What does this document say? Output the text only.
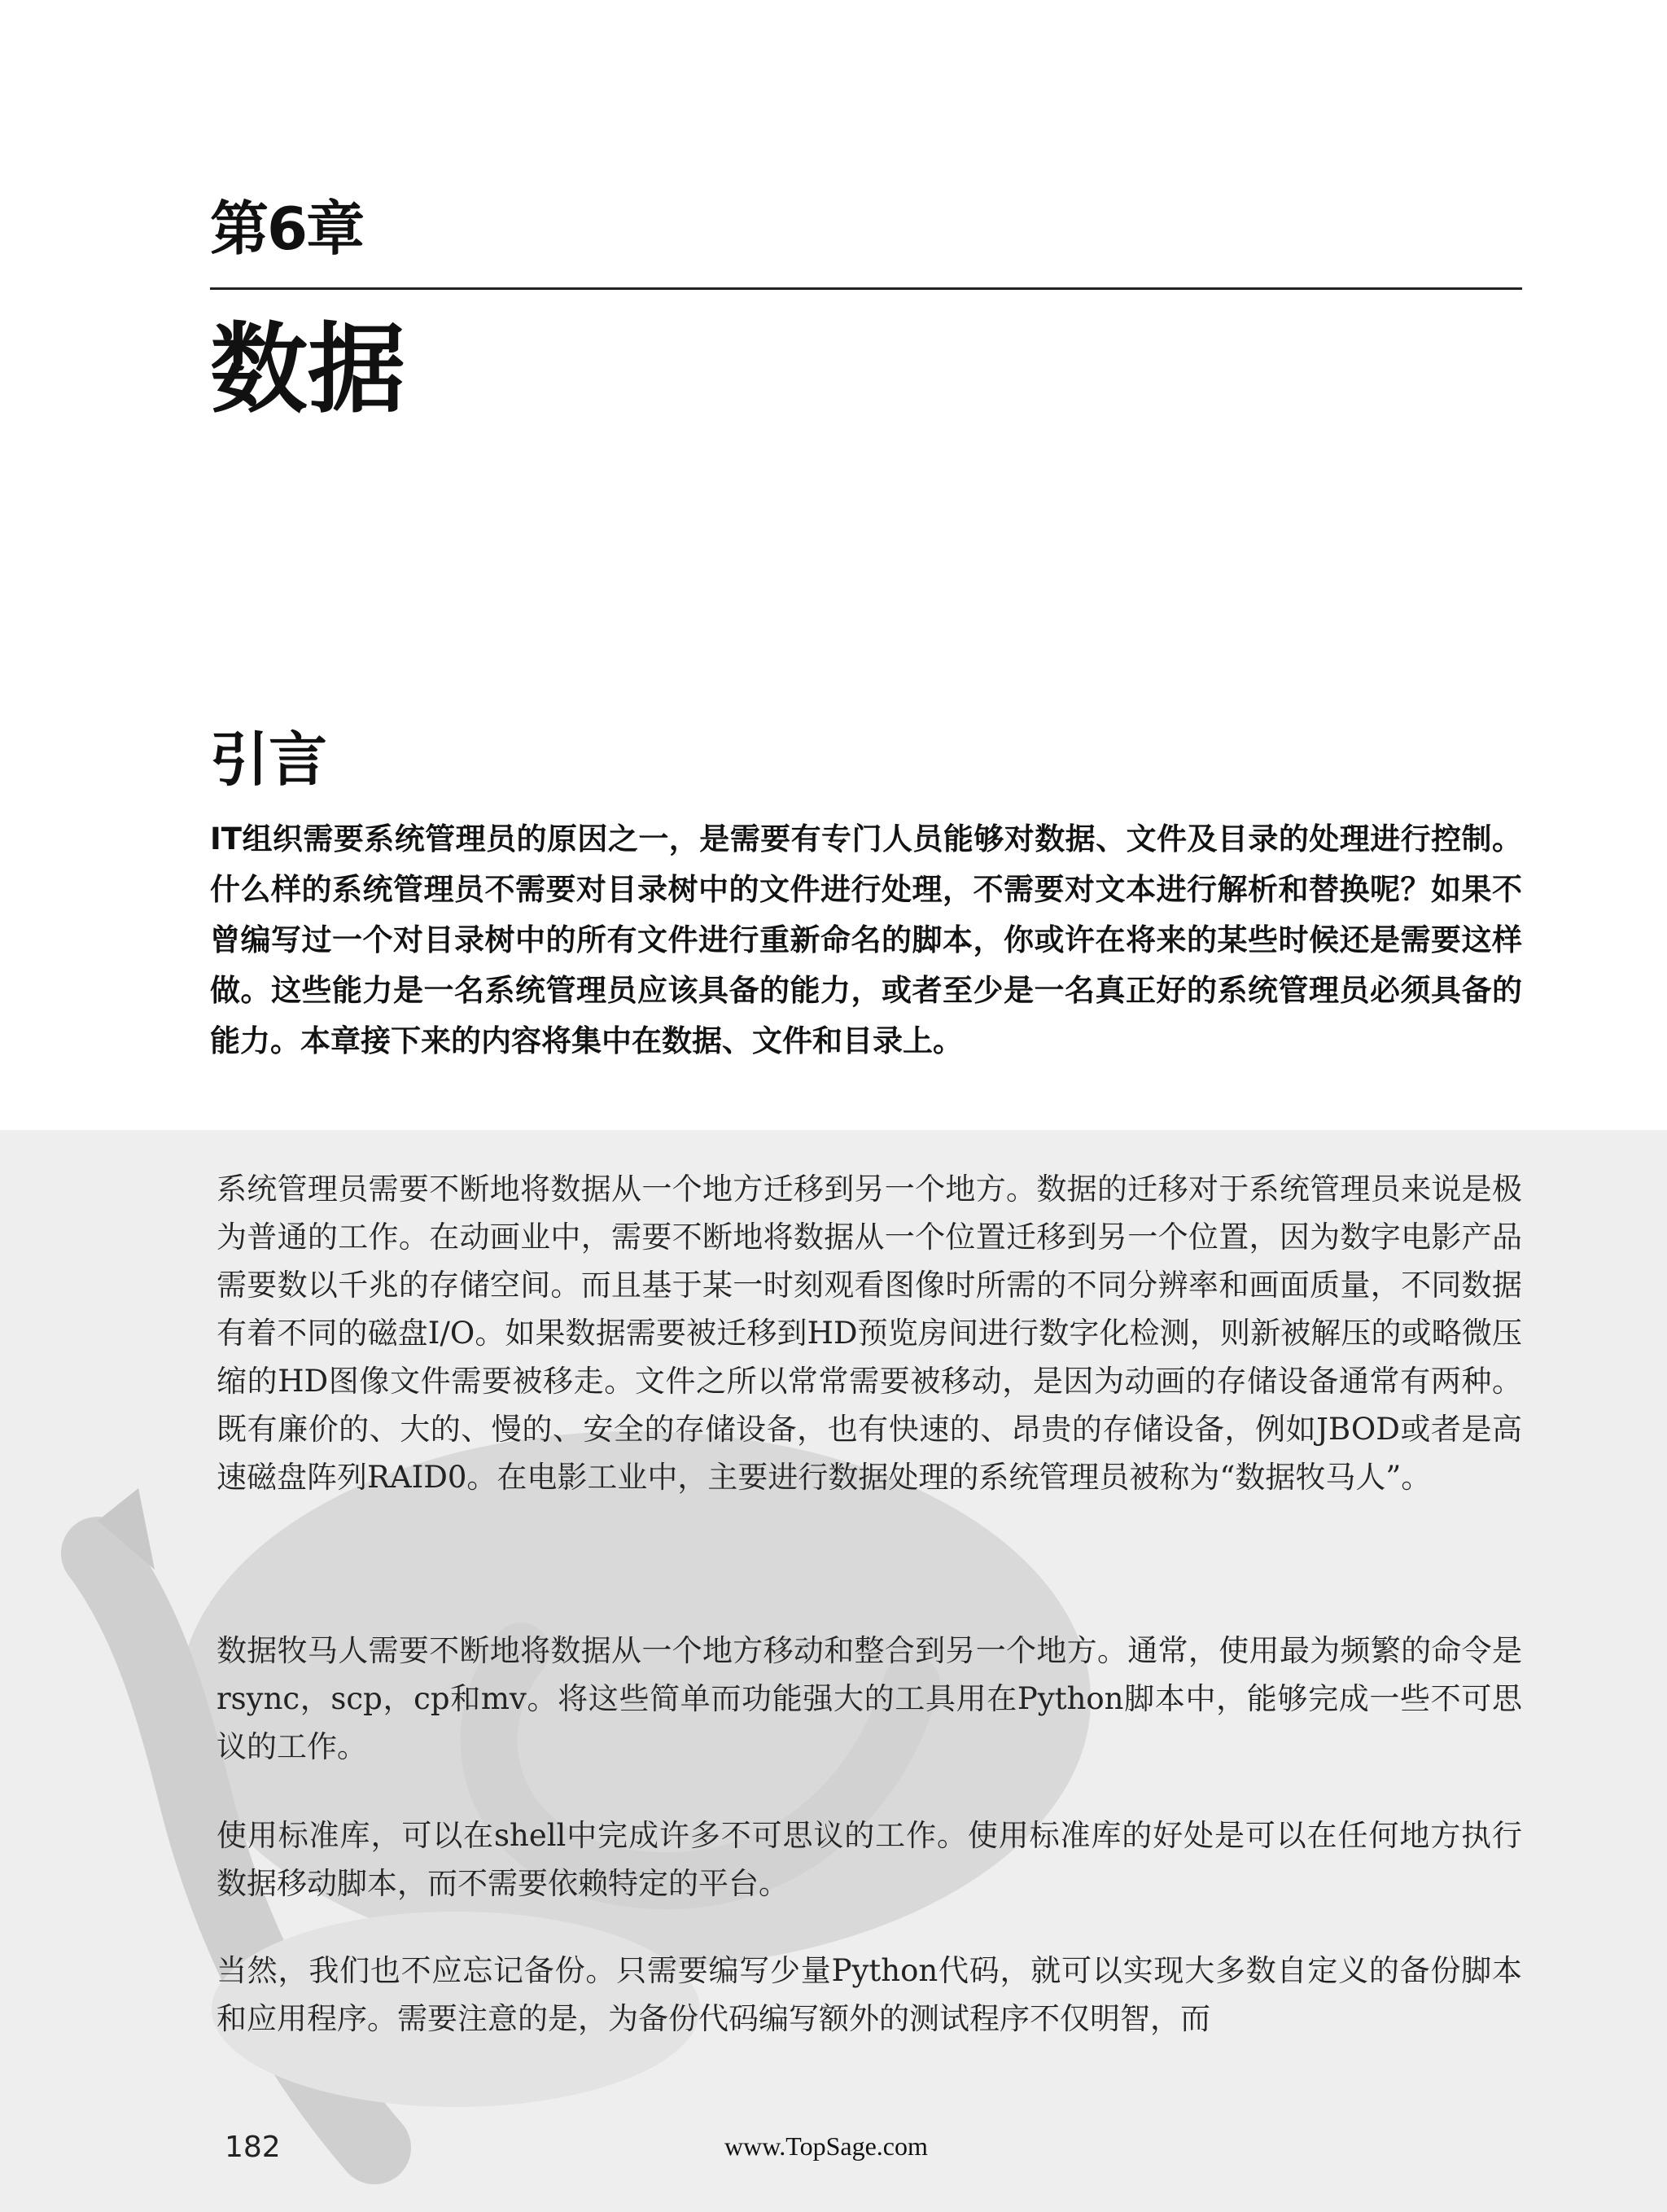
第6章
数据
引言

IT组织需要系统管理员的原因之一，是需要有专门人员能够对数据、文件及目录的处理进行控制。什么样的系统管理员不需要对目录树中的文件进行处理，不需要对文本进行解析和替换呢？如果不曾编写过一个对目录树中的所有文件进行重新命名的脚本，你或许在将来的某些时候还是需要这样做。这些能力是一名系统管理员应该具备的能力，或者至少是一名真正好的系统管理员必须具备的能力。本章接下来的内容将集中在数据、文件和目录上。

系统管理员需要不断地将数据从一个地方迁移到另一个地方。数据的迁移对于系统管理员来说是极为普通的工作。在动画业中，需要不断地将数据从一个位置迁移到另一个位置，因为数字电影产品需要数以千兆的存储空间。而且基于某一时刻观看图像时所需的不同分辨率和画面质量，不同数据有着不同的磁盘I/O。如果数据需要被迁移到HD预览房间进行数字化检测，则新被解压的或略微压缩的HD图像文件需要被移走。文件之所以常常需要被移动，是因为动画的存储设备通常有两种。既有廉价的、大的、慢的、安全的存储设备，也有快速的、昂贵的存储设备，例如JBOD或者是高速磁盘阵列RAID0。在电影工业中，主要进行数据处理的系统管理员被称为“数据牧马人”。

数据牧马人需要不断地将数据从一个地方移动和整合到另一个地方。通常，使用最为频繁的命令是rsync，scp，cp和mv。将这些简单而功能强大的工具用在Python脚本中，能够完成一些不可思议的工作。

使用标准库，可以在shell中完成许多不可思议的工作。使用标准库的好处是可以在任何地方执行数据移动脚本，而不需要依赖特定的平台。

当然，我们也不应忘记备份。只需要编写少量Python代码，就可以实现大多数自定义的备份脚本和应用程序。需要注意的是，为备份代码编写额外的测试程序不仅明智，而

182	www.TopSage.com
